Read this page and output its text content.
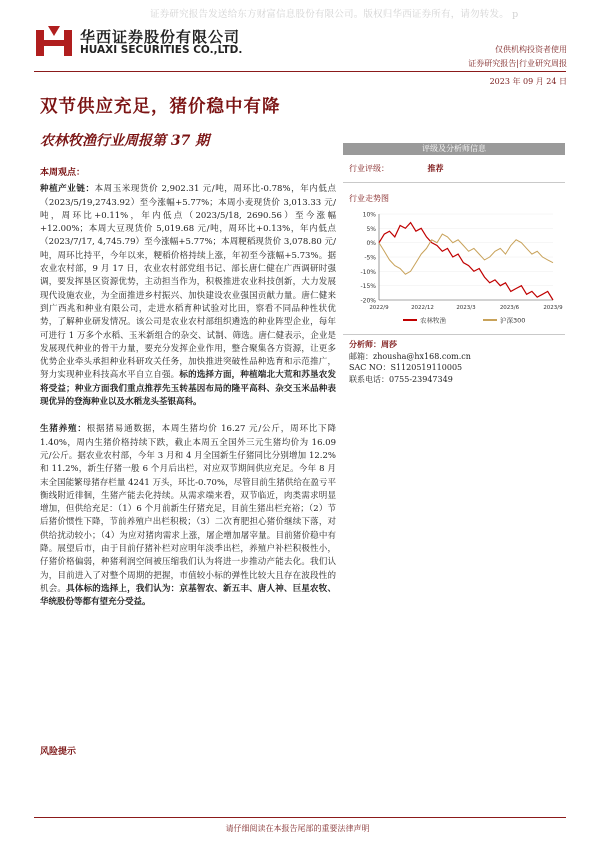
证券研究报告发送给东方财富信息股份有限公司。版权归华西证券所有，请勿转发。 p
华西证券股份有限公司
HUAXI SECURITIES CO.,LTD.	仅供机构投资者使用
证券研究报告|行业研究周报
2023 年 09 月 24 日
双节供应充足，猪价稳中有降
农林牧渔行业周报第 37 期
本周观点：
种植产业链：本周玉米现货价 2,902.31 元/吨，周环比-0.78%，年内低点（2023/5/19,2743.92）至今涨幅+5.77%；本周小麦现货价 3,013.33 元/吨，周环比+0.11%，年内低点（2023/5/18, 2690.56）至今涨幅+12.00%；本周大豆现货价 5,019.68 元/吨，周环比+0.13%，年内低点（2023/7/17, 4,745.79）至今涨幅+5.77%；本周粳稻现货价 3,078.80 元/吨，周环比持平，今年以来，粳稻价格持续上涨，年初至今涨幅+5.73%。据农业农村部，9 月 17 日，农业农村部党组书记、部长唐仁健在广西调研时强调，要发挥垦区资源优势，主动担当作为，积极推进农业科技创新，大力发展现代设施农业，为全面推进乡村振兴、加快建设农业强国贡献力量。唐仁健来到广西兆和种业有限公司，走进水稻育种试验对比田，察看不同品种性状优势，了解种业研发情况。该公司是农业农村部组织遴选的种业阵型企业，每年可进行 1 万多个水稻、玉米新组合的杂交、试制、筛选。唐仁健表示，企业是发展现代种业的骨干力量，要充分发挥企业作用，整合聚集各方资源，让更多优势企业牵头承担种业科研攻关任务，加快推进突破性品种选育和示范推广，努力实现种业科技高水平自立自强。标的选择方面，种植端北大荒和苏垦农发将受益；种业方面我们重点推荐先玉转基因布局的隆平高科、杂交玉米品种表现优异的登海种业以及水稻龙头荃银高科。
生猪养殖：根据猪易通数据，本周生猪均价 16.27 元/公斤，周环比下降 1.40%，周内生猪价格持续下跌，截止本周五全国外三元生猪均价为 16.09 元/公斤。据农业农村部，今年 3 月和 4 月全国新生仔猪同比分别增加 12.2%和 11.2%，新生仔猪一般 6 个月后出栏，对应双节期间供应充足。今年 8 月末全国能繁母猪存栏量 4241 万头，环比-0.70%，尽管目前生猪供给在盈亏平衡线附近徘徊，生猪产能去化持续。从需求端来看，双节临近，肉类需求明显增加，但供给充足：（1）6 个月前新生仔猪充足，目前生猪出栏充裕；（2）节后猪价惯性下降，节前养殖户出栏积极；（3）二次育肥担心猪价继续下落，对供给扰动较小；（4）为应对猪肉需求上涨，屠企增加屠宰量。目前猪价稳中有降。展望后市，由于目前仔猪补栏对应明年淡季出栏，养殖户补栏积极性小，仔猪价格偏弱，种猪利润空间被压缩我们认为将进一步推动产能去化。我们认为，目前进入了对整个周期的把握，市值较小标的弹性比较大且存在波段性的机会。具体标的选择上，我们认为：京基智农、新五丰、唐人神、巨星农牧、华统股份等都有望充分受益。
风险提示
评级及分析师信息
行业评级：	推荐
行业走势图
10%
5%
0%
-5%
-10%
-15%
-20%
2022/9	2022/12	2023/3	2023/6	2023/9
农林牧渔	沪深300
分析师：周莎
邮箱：zhousha@hx168.com.cn
SAC NO：S1120519110005
联系电话：0755-23947349
请仔细阅读在本报告尾部的重要法律声明
